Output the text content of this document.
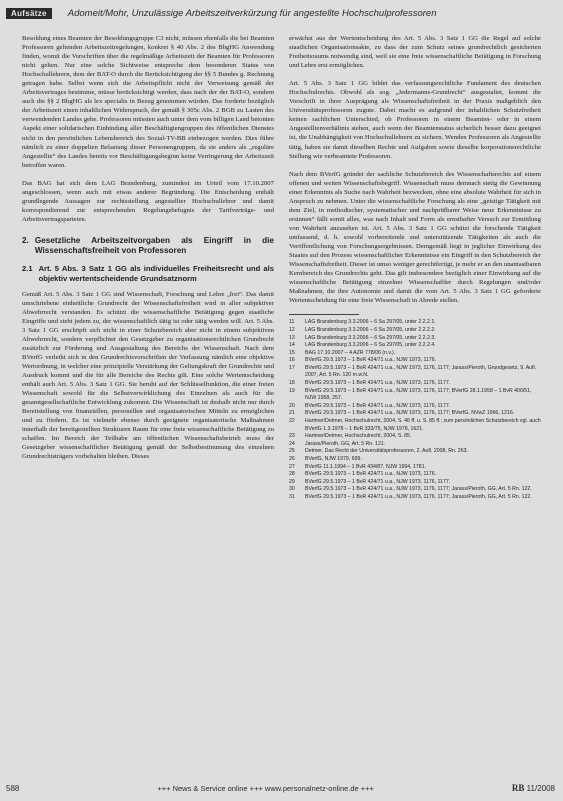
Aufsätze	Adomeit/Mohr, Unzulässige Arbeitszeitverkürzung für angestellte Hochschulprofessoren

Besoldung eines Beamten der Besoldungsgruppe C3 nicht, müssen ebenfalls die bei Beamten Professoren geltenden Arbeitszeitregelungen, konkret § 40 Abs. 2 des BbgHG Anwendung finden, womit die Vorschriften über die regelmäßige Arbeitszeit der Beamten für Professoren nicht gelten. Nur eine solche Sichtweise entspreche dem besonderen Status von Hochschullehrern, dem der BAT-O durch die Berücksichtigung der §§ 5 Bundes g. Rechnung getragen habe. Selbst wenn sich die Arbeitspflicht nicht der Verweisung gemäß der Arbeitsvertrages bestimme, müsse berücksichtigt werden, dass nach der der BAT-O, sondern auch die §§ 2 BbgHG als lex specialis in Bezug genommen würden. Das forderte bezüglich der Arbeitszeit einen inhaltlichen Widerspruch, der gemäß § 305c Abs. 2 BGB zu Lasten des verwendenden Landes gehe. Professoren müssten auch unter dem vom billigen Land betonten Aspekt einer solidarischen Einbindung aller Beschäftigtengruppen des öffentlichen Dienstes nicht in den persönlichen Lebensbereich des Sozial-TV-BB einbezogen werden. Dies führe nämlich zu einer doppelten Belastung dieser Personengruppen, da sie anders als „reguläre Angestellte“ des Landes bereits vor Beschäftigungsbeginn keine Verringerung der Arbeitszeit betroffen waren.

Das BAG hat sich dem LAG Brandenburg, zumindest im Urteil vom 17.10.2007 angeschlossen, wenn auch mit etwas anderer Begründung. Die Entscheidung enthält grundlegende Aussagen zur rechtsstellung angestellter Hochschullehrer und damit korrespondierend zur entsprechenden Regelungsbefugnis der Tarifverträge- und Arbeitsvertragsparteien.

2. Gesetzliche Arbeitszeitvorgaben als Eingriff in die Wissenschaftsfreiheit von Professoren
2.1 Art. 5 Abs. 3 Satz 1 GG als individuelles Freiheitsrecht und als objektiv wertentscheidende Grundsatznorm

Gemäß Art. 5 Abs. 3 Satz 1 GG sind Wissenschaft, Forschung und Lehre „frei“. Das damit umschriebene einheitliche Grundrecht der Wissenschaftsfreiheit wird in aller subjektiver Abwehrrecht verstanden. Es schützt die wissenschaftliche Betätigung gegen staatliche Eingriffe und steht jedem zu, der wissenschaftlich tätig ist oder tätig werden will. Art. 5 Abs. 3 Satz 1 GG erschöpft sich nicht in einer Schutzbereich aber nicht in einem subjektiven Abwehrrecht, sondern verpflichtet den Gesetzgeber zu organisationsrechtlichen Grundrecht zusätzlich zur Förderung und Ausgestaltung des Bereichs der Wissenschaft. Nach dem BVerfG verleiht sich in den Grundrechtsvorschriften der Verfassung nämlich eine objektive Wertordnung, in welcher eine prinzipielle Verstärkung der Geltungskraft der Grundrechte und Ausdruck kommt und die für alle Bereiche des Rechts gilt. Eine solche Wertentscheidung enthält auch Art. 5 Abs. 3 Satz 1 GG. Sie beruht auf der Schlüsselfunktion, die einer freien Wissenschaft sowohl für die Selbstverwirklichung des Einzelnen als auch für die gesamtgesellschaftliche Entwicklung zukommt. Die Wissenschaft ist deshalb nicht nur durch Bereitstellung von finanziellen, personellen und organisatorischen Mitteln zu ermöglichen und zu fördern. Es ist vielmehr ebenso durch geeignete organisatorische Maßnahmen innerhalb der bereitgestellten Strukturen Raum für eine freie wissenschaftliche Betätigung zu schaffen. Im Bereich der Teilhabe am öffentlichen Wissenschaftsbetrieb muss der Gesetzgeber wissenschaftlicher Betätigung gemäß der Selbstbestimmung des einzelnen Grundrechtsträgers vorbehalten bleiben. Dieses

erwächst aus der Wertentscheidung des Art. 5 Abs. 3 Satz 1 GG die Regel auf solche staatlichen Organisationsakte, zu dass der zum Schutz seines grundrechtlich gesicherten Freiheitsraums notwendig sind, weil sie eine freie wissenschaftliche Betätigung in Forschung und Lehre erst ermöglichen.

Art. 5 Abs. 3 Satz 1 GG bildet das verfassungsrechtliche Fundament des deutschen Hochschulrechts. Obwohl als sog. „Jedermanns-Grundrecht“ ausgestaltet, kommt die Vorschrift in ihrer Ausprägung als Wissenschaftsfreiheit in der Praxis maßgeblich den Universitätsprofessoren zugute. Dabei macht es aufgrund der inhaltlichen Schutzfreiheit keinen sachlichen Unterschied, ob Professoren in einem Beamten- oder in einem Angestelltenverhältnis stehen, auch wenn der Beamtenstatus sicherlich besser dazu geeignet ist, die Unabhängigkeit von Hochschullehrern zu sichern. Wenden Professoren als Angestellte tätig, haben sie damit dieselben Rechte und Aufgaben sowie dieselbe korporationsrechtliche Stellung wie verbeamtete Professoren.

Nach dem BVerfG gründet der sachliche Schutzbereich des Wissenschaftsrechts auf einem offenen und weiten Wissenschaftsbegriff. Wissenschaft muss demnach stetig die Gewinnung einer Erkenntnis als Suche nach Wahrheit bezwecken, ohne eine absolute Wahrheit für sich in Anspruch zu nehmen. Unter die wissenschaftliche Forschung als eine „geistige Tätigkeit mit dem Ziel, in methodischer, systematischer und nachprüfbarer Weise neue Erkenntnisse zu ersinnen“ fällt somit alles, was nach Inhalt und Form als ernsthafter Versuch zur Ermittlung von Wahrheit anzusehen ist. Art. 5 Abs. 3 Satz 1 GG schützt die forschende Tätigkeit umfassend, d. h. sowohl vorbereitende und unterstützende Tätigkeiten als auch die Veröffentlichung von Forschungsergebnissen. Demgemäß liegt in jeglicher Einwirkung des Staates auf den Prozess wissenschaftlicher Erkenntnisse ein Eingriff in den Schutzbereich der Wissenschaftsfreiheit. Dieser ist umso weniger gerechtfertigt, je mehr er an den unantastbaren Kernbereich des Grundrechts geht. Das gilt insbesondere bezüglich einer Einwirkung auf die wissenschaftliche Betätigung einzelner Wissenschaftler durch Regelungen und/oder Maßnahmen, die ihre Autonomie und damit die vom Art. 5 Abs. 3 Satz 1 GG geforderte Wertentscheidung für eine freie Wissenschaft in Abrede stellen.

11	LAG Brandenburg 3.3.2006 – 6 Sa 297/05, unter 2.2.2.1.
12	LAG Brandenburg 3.3.2006 – 6 Sa 297/05, unter 2.2.2.2.
13	LAG Brandenburg 3.3.2006 – 6 Sa 297/05, unter 2.2.2.3.
14	LAG Brandenburg 3.3.2006 – 6 Sa 297/05, unter 2.2.2.4.
15	BAG 17.10.2007 – 4 AZR 778/06 (n.v.).
16	BVerfG 29.5.1973 – 1 BvR 424/71 u.a., NJW 1973, 1176.
17	BVerfG 29.5.1973 – 1 BvR 424/71 u.a., NJW 1973, 1176, 1177; Jarass/Pieroth, Grundgesetz, 9. Aufl. 2007, Art. 5 Rn. 120 m.w.N.
18	BVerfG 29.5.1973 – 1 BvR 424/71 u.a., NJW 1973, 1176, 1177.
19	BVerfG 29.5.1973 – 1 BvR 424/71 u.a., NJW 1973, 1176, 1177; BVerfG 28.1.1958 – 1 BvR 400/51, NJW 1958, 257.
20	BVerfG 29.5.1973 – 1 BvR 424/71 u.a., NJW 1973, 1176, 1177.
21	BVerfG 29.5.1973 – 1 BvR 424/71 u.a., NJW 1973, 1176, 1177; BVerfG, NVwZ 1996, 1216.
22	Hartmer/Detmer, Hochschulrecht, 2004, S. 46 ff. u. S. 85 ff.; zum persönlichen Schutzbereich vgl. auch BVerfG 1.3.1978 – 1 BvR 333/75, NJW 1978, 1621.
23	Hartmer/Detmer, Hochschulrecht, 2004, S. 85.
24	Jarass/Pieroth, GG, Art. 5 Rn. 121.
25	Detmer, Das Recht der Universitätsprofessoren, 2. Aufl. 2008, Rn. 263.
26	BVerfG, NJW 1979, 699.
27	BVerfG 11.1.1994 – 1 BvR 434/87, NJW 1994, 1781.
28	BVerfG 29.5.1973 – 1 BvR 424/71 u.a., NJW 1973, 1176.
29	BVerfG 29.5.1973 – 1 BvR 424/71 u.a., NJW 1973, 1176, 1177.
30	BVerfG 29.5.1973 – 1 BvR 424/71 u.a., NJW 1973, 1176, 1177; Jarass/Pieroth, GG, Art. 5 Rn. 122.
31	BVerfG 29.5.1973 – 1 BvR 424/71 u.a., NJW 1973, 1176, 1177; Jarass/Pieroth, GG, Art. 5 Rn. 122.
588	+++ News & Service online +++ www.personalnetz-online.de +++	RB 11/2008
